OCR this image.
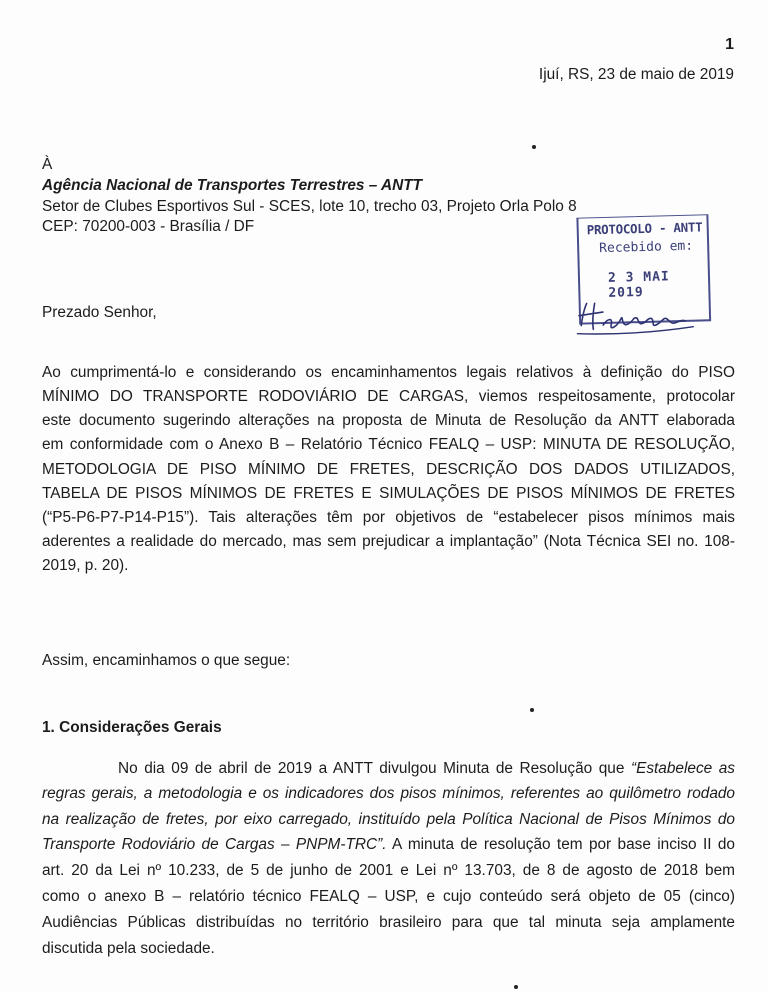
1
Ijuí, RS, 23 de maio de 2019
À
Agência Nacional de Transportes Terrestres – ANTT
Setor de Clubes Esportivos Sul - SCES, lote 10, trecho 03, Projeto Orla Polo 8
CEP: 70200-003 - Brasília / DF	PROTOCOLO - ANTT
Recebido em:
2 3 MAI 2019
Prezado Senhor,
Ao cumprimentá-lo e considerando os encaminhamentos legais relativos à definição do PISO
MÍNIMO DO TRANSPORTE RODOVIÁRIO DE CARGAS, viemos respeitosamente, protocolar
este documento sugerindo alterações na proposta de Minuta de Resolução da ANTT elaborada
em conformidade com o Anexo B – Relatório Técnico FEALQ – USP: MINUTA DE RESOLUÇÃO,
METODOLOGIA DE PISO MÍNIMO DE FRETES, DESCRIÇÃO DOS DADOS UTILIZADOS,
TABELA DE PISOS MÍNIMOS DE FRETES E SIMULAÇÕES DE PISOS MÍNIMOS DE FRETES
(“P5-P6-P7-P14-P15”). Tais alterações têm por objetivos de “estabelecer pisos mínimos mais
aderentes a realidade do mercado, mas sem prejudicar a implantação” (Nota Técnica SEI no. 108-
2019, p. 20).
Assim, encaminhamos o que segue:
1. Considerações Gerais
No dia 09 de abril de 2019 a ANTT divulgou Minuta de Resolução que “Estabelece as
regras gerais, a metodologia e os indicadores dos pisos mínimos, referentes ao quilômetro rodado
na realização de fretes, por eixo carregado, instituído pela Política Nacional de Pisos Mínimos do
Transporte Rodoviário de Cargas – PNPM-TRC”. A minuta de resolução tem por base inciso II do
art. 20 da Lei nº 10.233, de 5 de junho de 2001 e Lei nº 13.703, de 8 de agosto de 2018 bem
como o anexo B – relatório técnico FEALQ – USP, e cujo conteúdo será objeto de 05 (cinco)
Audiências Públicas distribuídas no território brasileiro para que tal minuta seja amplamente
discutida pela sociedade.
